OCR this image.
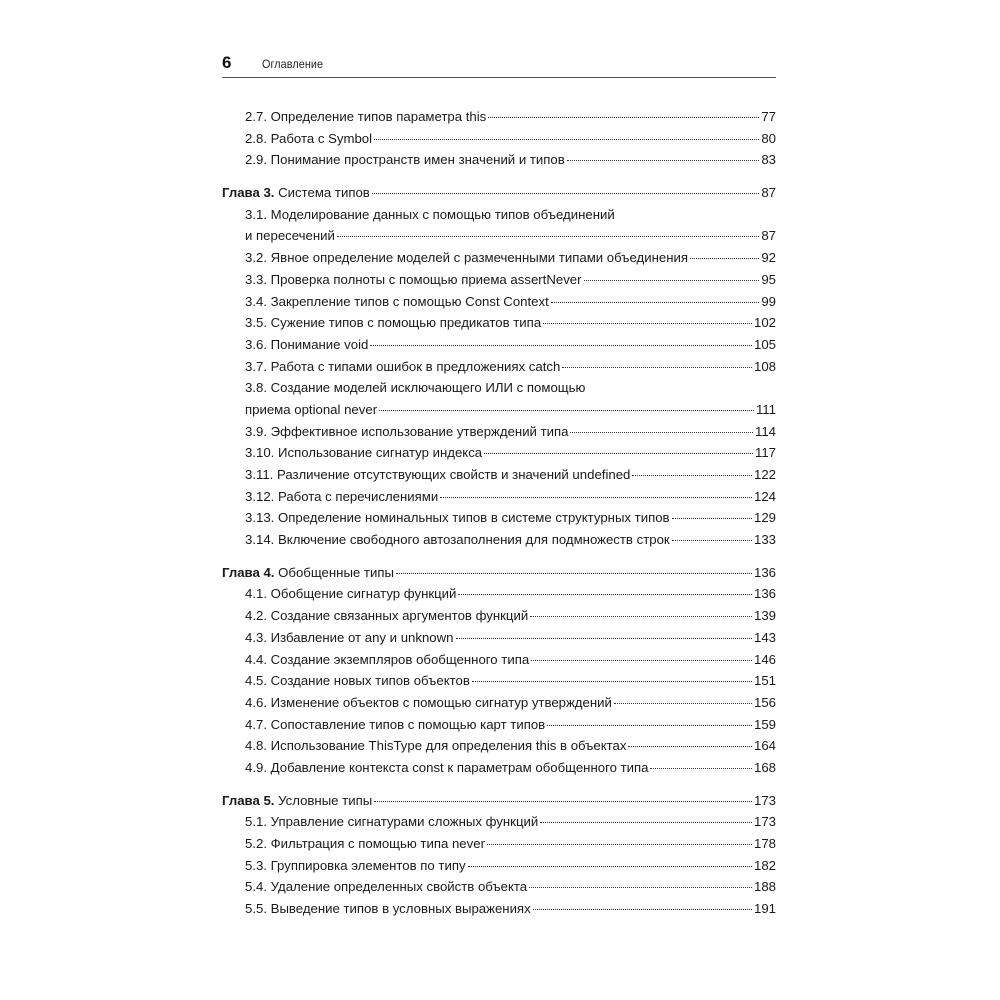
6	Оглавление
2.7. Определение типов параметра this	77
2.8. Работа с Symbol	80
2.9. Понимание пространств имен значений и типов	83
Глава 3. Система типов	87
3.1. Моделирование данных с помощью типов объединений
и пересечений	87
3.2. Явное определение моделей с размеченными типами объединения	92
3.3. Проверка полноты с помощью приема assertNever	95
3.4. Закрепление типов с помощью Const Context	99
3.5. Сужение типов с помощью предикатов типа	102
3.6. Понимание void	105
3.7. Работа с типами ошибок в предложениях catch	108
3.8. Создание моделей исключающего ИЛИ с помощью
приема optional never	111
3.9. Эффективное использование утверждений типа	114
3.10. Использование сигнатур индекса	117
3.11. Различение отсутствующих свойств и значений undefined	122
3.12. Работа с перечислениями	124
3.13. Определение номинальных типов в системе структурных типов	129
3.14. Включение свободного автозаполнения для подмножеств строк	133
Глава 4. Обобщенные типы	136
4.1. Обобщение сигнатур функций	136
4.2. Создание связанных аргументов функций	139
4.3. Избавление от any и unknown	143
4.4. Создание экземпляров обобщенного типа	146
4.5. Создание новых типов объектов	151
4.6. Изменение объектов с помощью сигнатур утверждений	156
4.7. Сопоставление типов с помощью карт типов	159
4.8. Использование ThisType для определения this в объектах	164
4.9. Добавление контекста const к параметрам обобщенного типа	168
Глава 5. Условные типы	173
5.1. Управление сигнатурами сложных функций	173
5.2. Фильтрация с помощью типа never	178
5.3. Группировка элементов по типу	182
5.4. Удаление определенных свойств объекта	188
5.5. Выведение типов в условных выражениях	191
